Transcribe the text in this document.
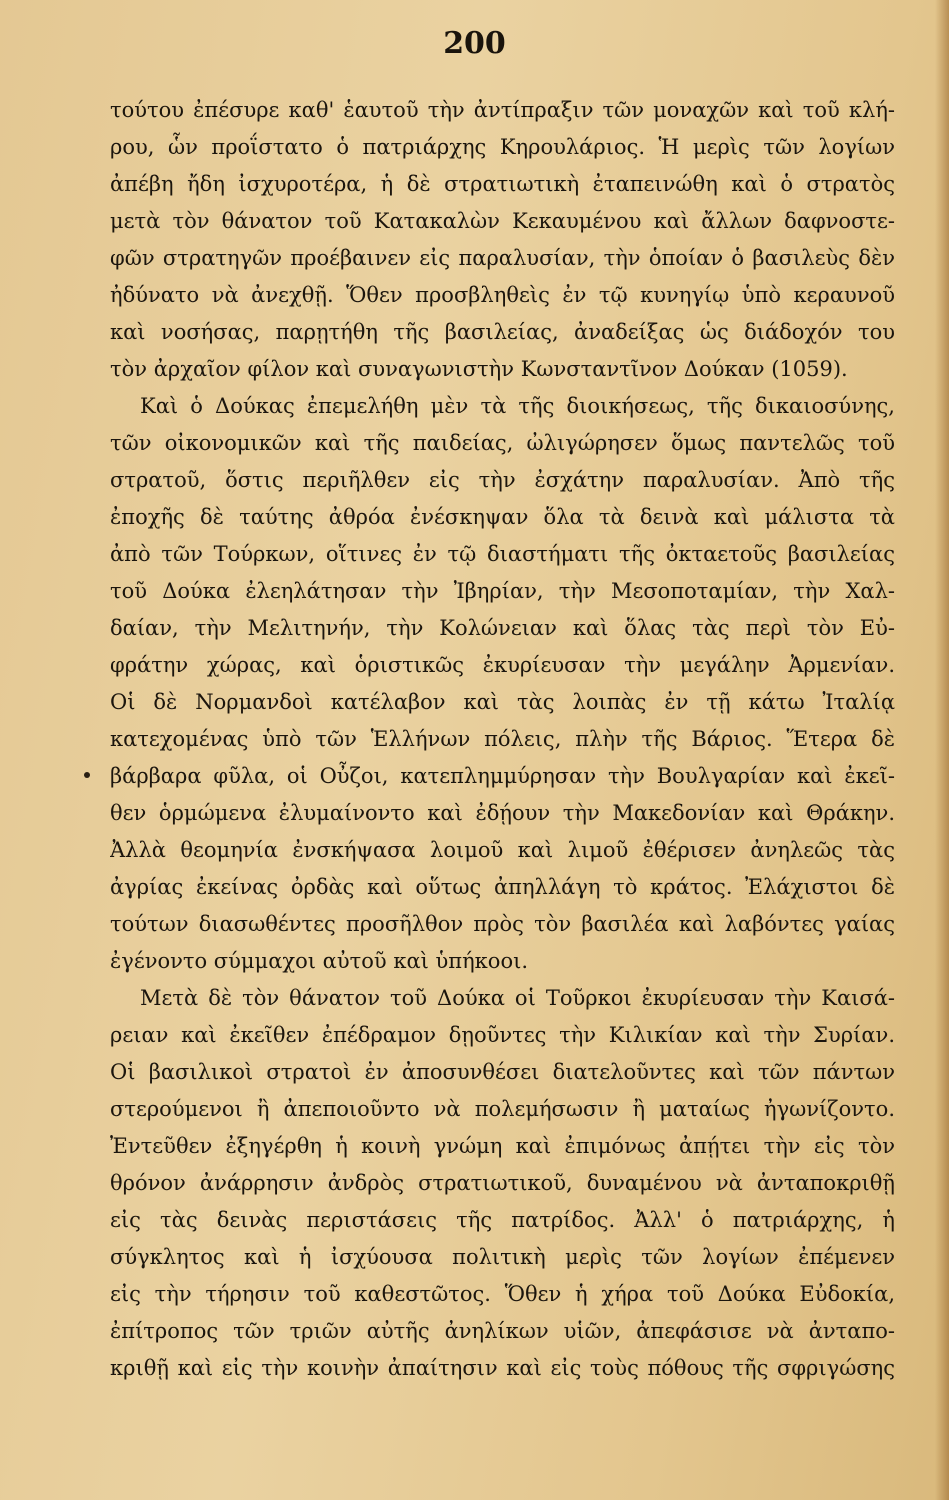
200
τούτου ἐπέσυρε καθ' ἑαυτοῦ τὴν ἀντίπραξιν τῶν μοναχῶν καὶ τοῦ κλή-
ρου, ὧν προΐστατο ὁ πατριάρχης Κηρουλάριος. Ἡ μερὶς τῶν λογίων
ἀπέβη ἤδη ἰσχυροτέρα, ἡ δὲ στρατιωτικὴ ἐταπεινώθη καὶ ὁ στρατὸς
μετὰ τὸν θάνατον τοῦ Κατακαλὼν Κεκαυμένου καὶ ἄλλων δαφνοστε-
φῶν στρατηγῶν προέβαινεν εἰς παραλυσίαν, τὴν ὁποίαν ὁ βασιλεὺς δὲν
ἠδύνατο νὰ ἀνεχθῇ. Ὅθεν προσβληθεὶς ἐν τῷ κυνηγίῳ ὑπὸ κεραυνοῦ
καὶ νοσήσας, παρῃτήθη τῆς βασιλείας, ἀναδείξας ὡς διάδοχόν του
τὸν ἀρχαῖον φίλον καὶ συναγωνιστὴν Κωνσταντῖνον Δούκαν (1059).
Καὶ ὁ Δούκας ἐπεμελήθη μὲν τὰ τῆς διοικήσεως, τῆς δικαιοσύνης,
τῶν οἰκονομικῶν καὶ τῆς παιδείας, ὠλιγώρησεν ὅμως παντελῶς τοῦ
στρατοῦ, ὅστις περιῆλθεν εἰς τὴν ἐσχάτην παραλυσίαν. Ἀπὸ τῆς
ἐποχῆς δὲ ταύτης ἀθρόα ἐνέσκηψαν ὅλα τὰ δεινὰ καὶ μάλιστα τὰ
ἀπὸ τῶν Τούρκων, οἵτινες ἐν τῷ διαστήματι τῆς ὀκταετοῦς βασιλείας
τοῦ Δούκα ἐλεηλάτησαν τὴν Ἰβηρίαν, τὴν Μεσοποταμίαν, τὴν Χαλ-
δαίαν, τὴν Μελιτηνήν, τὴν Κολώνειαν καὶ ὅλας τὰς περὶ τὸν Εὐ-
φράτην χώρας, καὶ ὁριστικῶς ἐκυρίευσαν τὴν μεγάλην Ἀρμενίαν.
Οἱ δὲ Νορμανδοὶ κατέλαβον καὶ τὰς λοιπὰς ἐν τῇ κάτω Ἰταλίᾳ
κατεχομένας ὑπὸ τῶν Ἑλλήνων πόλεις, πλὴν τῆς Βάριος. Ἕτερα δὲ
βάρβαρα φῦλα, οἱ Οὖζοι, κατεπλημμύρησαν τὴν Βουλγαρίαν καὶ ἐκεῖ-
θεν ὁρμώμενα ἐλυμαίνοντο καὶ ἐδῄουν τὴν Μακεδονίαν καὶ Θράκην.
Ἀλλὰ θεομηνία ἐνσκήψασα λοιμοῦ καὶ λιμοῦ ἐθέρισεν ἀνηλεῶς τὰς
ἀγρίας ἐκείνας ὀρδὰς καὶ οὕτως ἀπηλλάγη τὸ κράτος. Ἐλάχιστοι δὲ
τούτων διασωθέντες προσῆλθον πρὸς τὸν βασιλέα καὶ λαβόντες γαίας
ἐγένοντο σύμμαχοι αὐτοῦ καὶ ὑπήκοοι.
Μετὰ δὲ τὸν θάνατον τοῦ Δούκα οἱ Τοῦρκοι ἐκυρίευσαν τὴν Καισά-
ρειαν καὶ ἐκεῖθεν ἐπέδραμον δῃοῦντες τὴν Κιλικίαν καὶ τὴν Συρίαν.
Οἱ βασιλικοὶ στρατοὶ ἐν ἀποσυνθέσει διατελοῦντες καὶ τῶν πάντων
στερούμενοι ἢ ἀπεποιοῦντο νὰ πολεμήσωσιν ἢ ματαίως ἠγωνίζοντο.
Ἐντεῦθεν ἐξηγέρθη ἡ κοινὴ γνώμη καὶ ἐπιμόνως ἀπῄτει τὴν εἰς τὸν
θρόνον ἀνάρρησιν ἀνδρὸς στρατιωτικοῦ, δυναμένου νὰ ἀνταποκριθῇ
εἰς τὰς δεινὰς περιστάσεις τῆς πατρίδος. Ἀλλ' ὁ πατριάρχης, ἡ
σύγκλητος καὶ ἡ ἰσχύουσα πολιτικὴ μερὶς τῶν λογίων ἐπέμενεν
εἰς τὴν τήρησιν τοῦ καθεστῶτος. Ὅθεν ἡ χήρα τοῦ Δούκα Εὐδοκία,
ἐπίτροπος τῶν τριῶν αὐτῆς ἀνηλίκων υἱῶν, ἀπεφάσισε νὰ ἀνταπο-
κριθῇ καὶ εἰς τὴν κοινὴν ἀπαίτησιν καὶ εἰς τοὺς πόθους τῆς σφριγώσης
